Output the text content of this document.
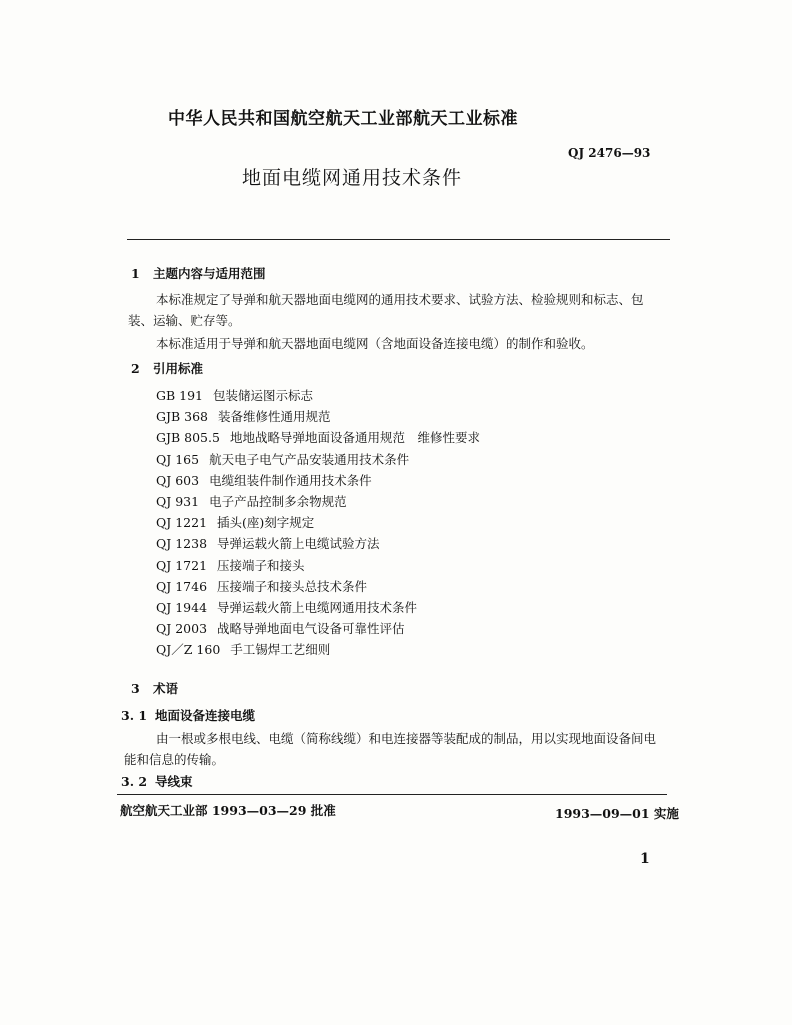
中华人民共和国航空航天工业部航天工业标准
QJ 2476—93
地面电缆网通用技术条件
1 主题内容与适用范围
本标准规定了导弹和航天器地面电缆网的通用技术要求、试验方法、检验规则和标志、包装、运输、贮存等。
本标准适用于导弹和航天器地面电缆网（含地面设备连接电缆）的制作和验收。
2 引用标准
GB 191 包装储运图示标志
GJB 368 装备维修性通用规范
GJB 805.5 地地战略导弹地面设备通用规范　维修性要求
QJ 165 航天电子电气产品安装通用技术条件
QJ 603 电缆组装件制作通用技术条件
QJ 931 电子产品控制多余物规范
QJ 1221 插头(座)刻字规定
QJ 1238 导弹运载火箭上电缆试验方法
QJ 1721 压接端子和接头
QJ 1746 压接端子和接头总技术条件
QJ 1944 导弹运载火箭上电缆网通用技术条件
QJ 2003 战略导弹地面电气设备可靠性评估
QJ／Z 160 手工锡焊工艺细则
3 术语
3. 1 地面设备连接电缆
由一根或多根电线、电缆（简称线缆）和电连接器等装配成的制品，用以实现地面设备间电能和信息的传输。
3. 2 导线束
航空航天工业部 1993—03—29 批准	1993—09—01 实施
1
